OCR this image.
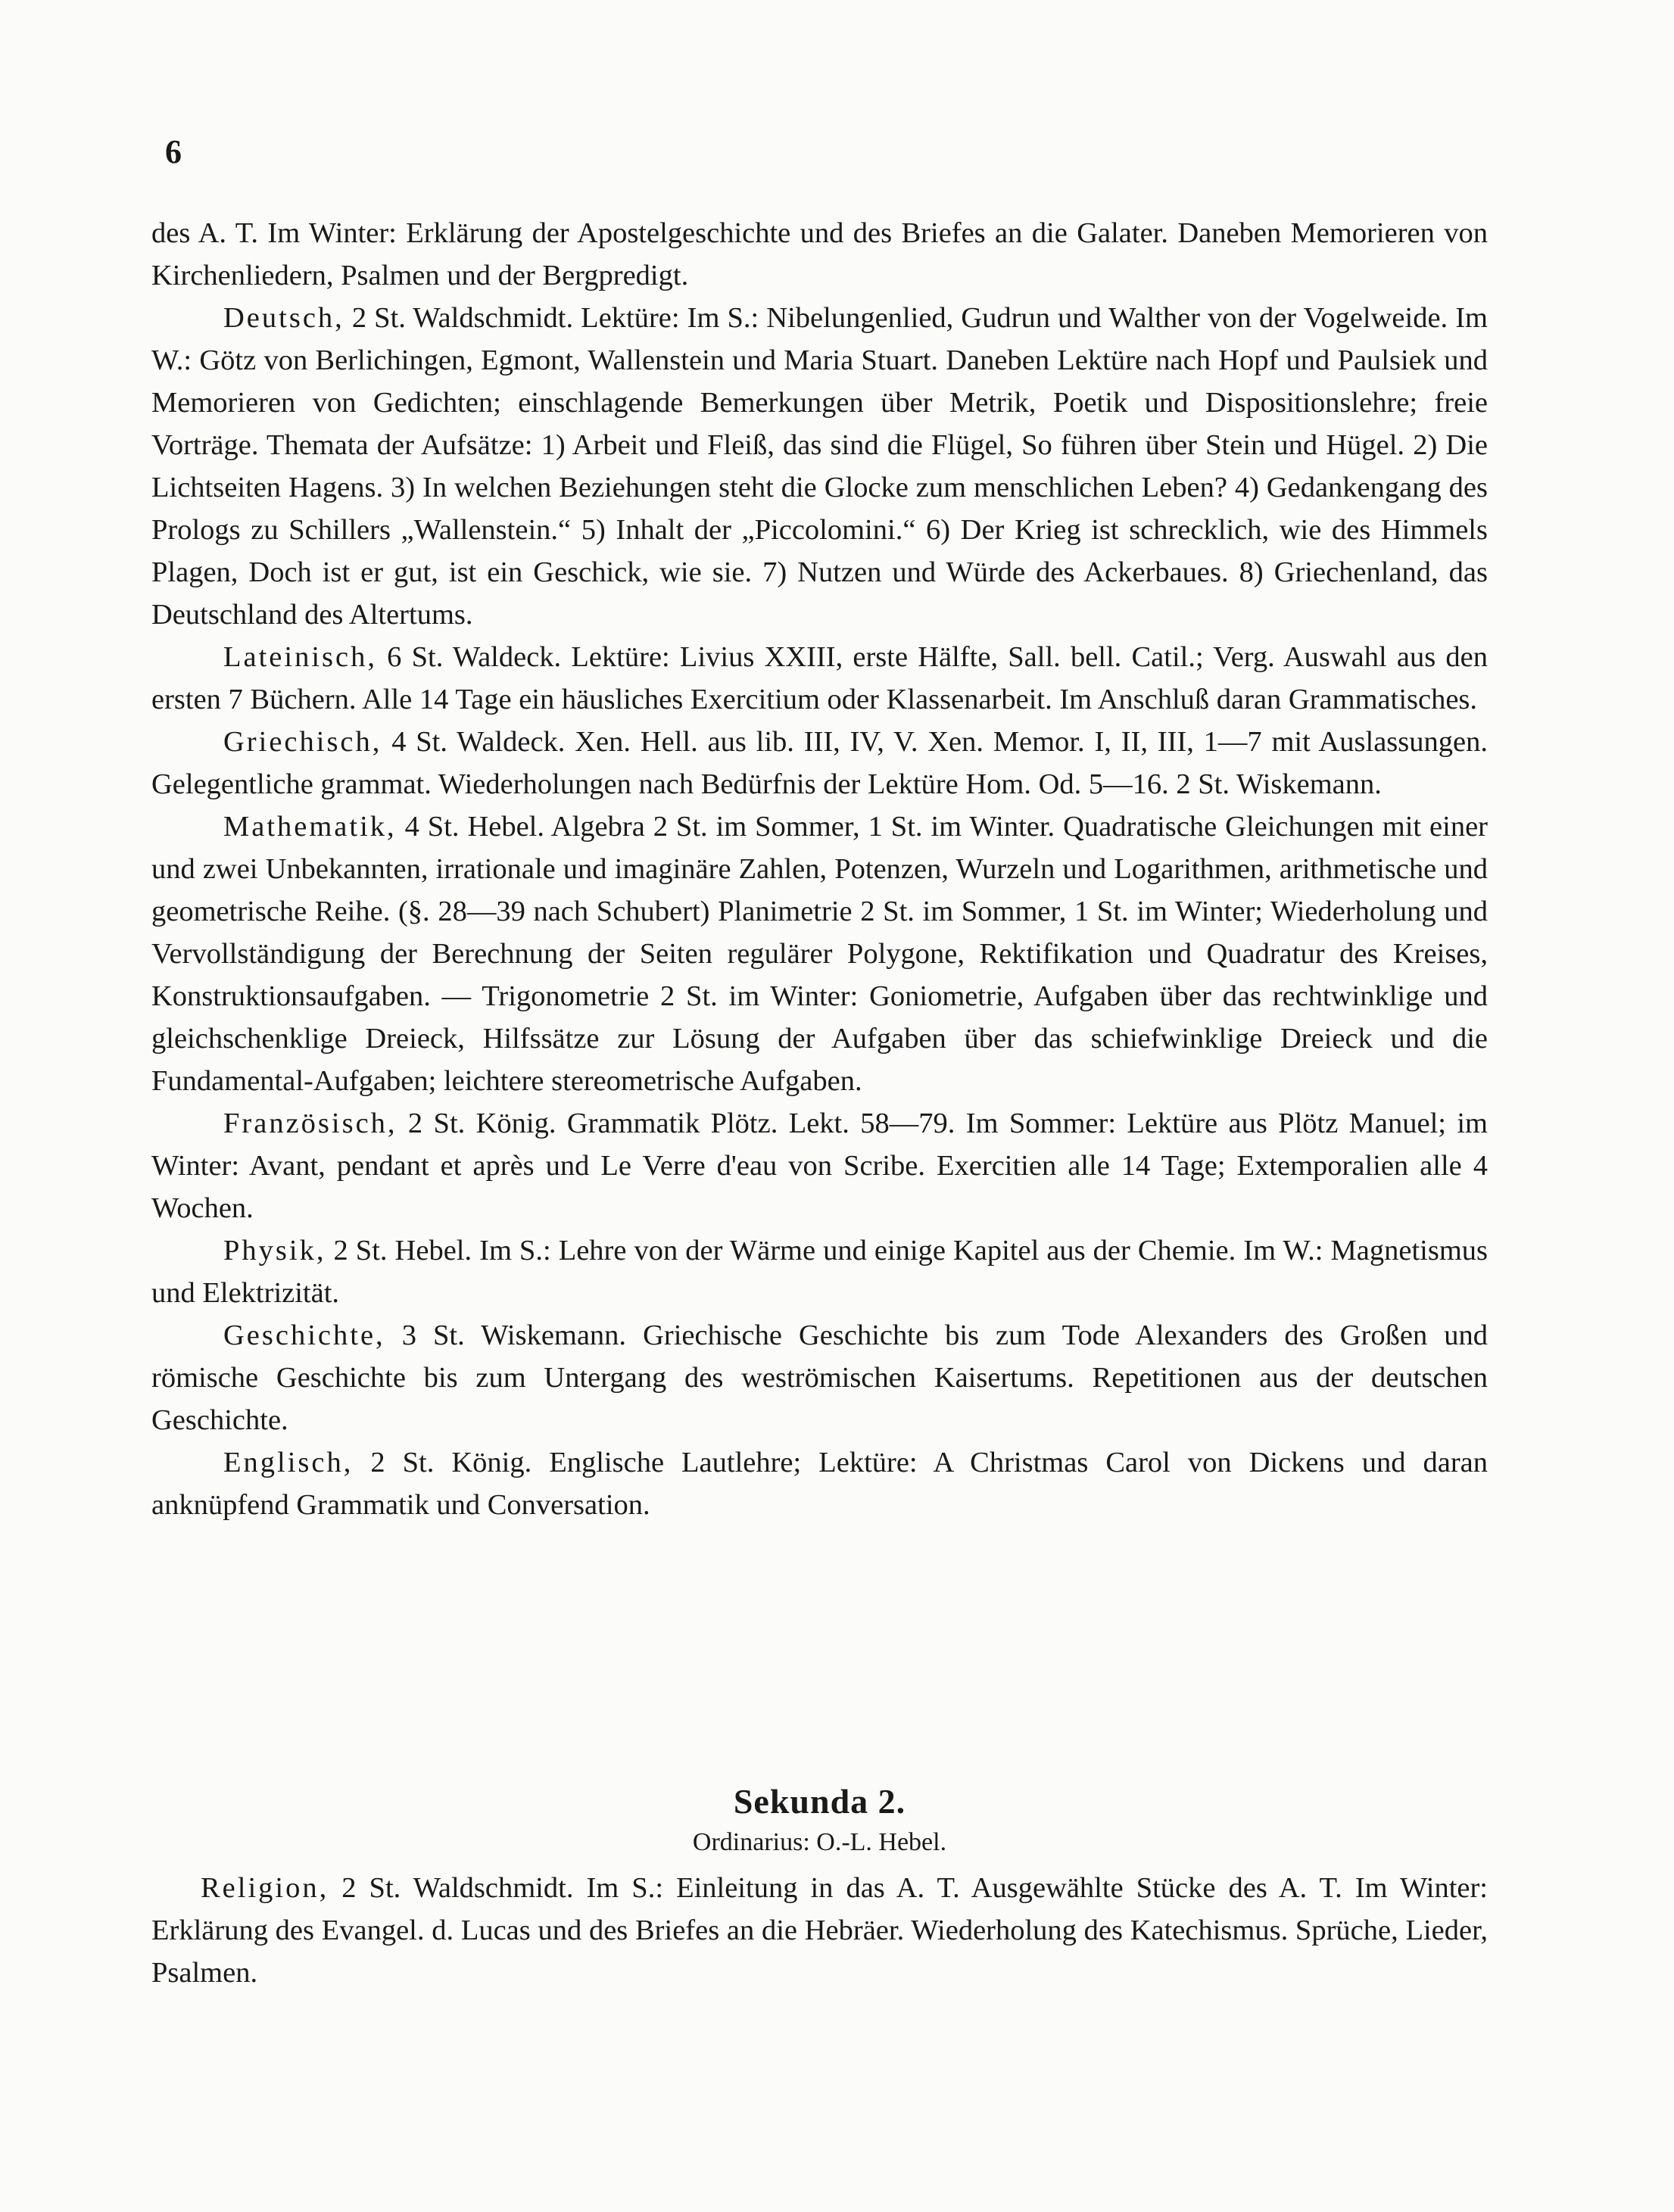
6

des A. T. Im Winter: Erklärung der Apostelgeschichte und des Briefes an die Galater. Daneben Memorieren von Kirchenliedern, Psalmen und der Bergpredigt.

Deutsch, 2 St. Waldschmidt. Lektüre: Im S.: Nibelungenlied, Gudrun und Walther von der Vogelweide. Im W.: Götz von Berlichingen, Egmont, Wallenstein und Maria Stuart. Daneben Lektüre nach Hopf und Paulsiek und Memorieren von Gedichten; einschlagende Bemerkungen über Metrik, Poetik und Dispositionslehre; freie Vorträge. Themata der Aufsätze: 1) Arbeit und Fleiß, das sind die Flügel, So führen über Stein und Hügel. 2) Die Lichtseiten Hagens. 3) In welchen Beziehungen steht die Glocke zum menschlichen Leben? 4) Gedankengang des Prologs zu Schillers „Wallenstein.“ 5) Inhalt der „Piccolomini.“ 6) Der Krieg ist schrecklich, wie des Himmels Plagen, Doch ist er gut, ist ein Geschick, wie sie. 7) Nutzen und Würde des Ackerbaues. 8) Griechenland, das Deutschland des Altertums.

Lateinisch, 6 St. Waldeck. Lektüre: Livius XXIII, erste Hälfte, Sall. bell. Catil.; Verg. Auswahl aus den ersten 7 Büchern. Alle 14 Tage ein häusliches Exercitium oder Klassenarbeit. Im Anschluß daran Grammatisches.

Griechisch, 4 St. Waldeck. Xen. Hell. aus lib. III, IV, V. Xen. Memor. I, II, III, 1—7 mit Auslassungen. Gelegentliche grammat. Wiederholungen nach Bedürfnis der Lektüre Hom. Od. 5—16. 2 St. Wiskemann.

Mathematik, 4 St. Hebel. Algebra 2 St. im Sommer, 1 St. im Winter. Quadratische Gleichungen mit einer und zwei Unbekannten, irrationale und imaginäre Zahlen, Potenzen, Wurzeln und Logarithmen, arithmetische und geometrische Reihe. (§. 28—39 nach Schubert) Planimetrie 2 St. im Sommer, 1 St. im Winter; Wiederholung und Vervollständigung der Berechnung der Seiten regulärer Polygone, Rektifikation und Quadratur des Kreises, Konstruktionsaufgaben. — Trigonometrie 2 St. im Winter: Goniometrie, Aufgaben über das rechtwinklige und gleichschenklige Dreieck, Hilfssätze zur Lösung der Aufgaben über das schiefwinklige Dreieck und die Fundamental-Aufgaben; leichtere stereometrische Aufgaben.

Französisch, 2 St. König. Grammatik Plötz. Lekt. 58—79. Im Sommer: Lektüre aus Plötz Manuel; im Winter: Avant, pendant et après und Le Verre d'eau von Scribe. Exercitien alle 14 Tage; Extemporalien alle 4 Wochen.

Physik, 2 St. Hebel. Im S.: Lehre von der Wärme und einige Kapitel aus der Chemie. Im W.: Magnetismus und Elektrizität.

Geschichte, 3 St. Wiskemann. Griechische Geschichte bis zum Tode Alexanders des Großen und römische Geschichte bis zum Untergang des weströmischen Kaisertums. Repetitionen aus der deutschen Geschichte.

Englisch, 2 St. König. Englische Lautlehre; Lektüre: A Christmas Carol von Dickens und daran anknüpfend Grammatik und Conversation.

Sekunda 2.
Ordinarius: O.-L. Hebel.

Religion, 2 St. Waldschmidt. Im S.: Einleitung in das A. T. Ausgewählte Stücke des A. T. Im Winter: Erklärung des Evangel. d. Lucas und des Briefes an die Hebräer. Wiederholung des Katechismus. Sprüche, Lieder, Psalmen.
